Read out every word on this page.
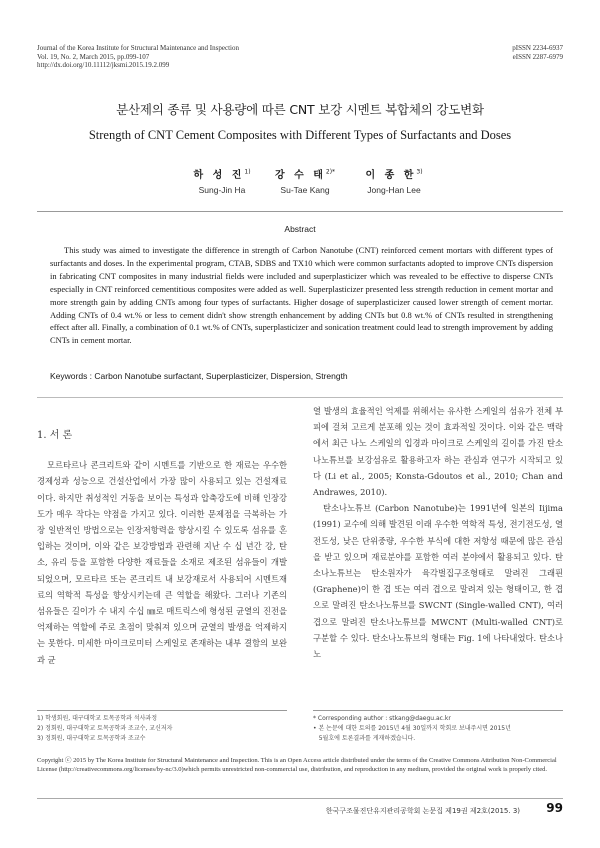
Journal of the Korea Institute for Structural Maintenance and Inspection
Vol. 19, No. 2, March 2015, pp.099-107
http://dx.doi.org/10.11112/jksmi.2015.19.2.099
pISSN 2234-6937
eISSN 2287-6979
분산제의 종류 및 사용량에 따른 CNT 보강 시멘트 복합체의 강도변화
Strength of CNT Cement Composites with Different Types of Surfactants and Doses
하 성 진$^{1)}$
Sung-Jin Ha
강 수 태$^{2)*}$
Su-Tae Kang
이 종 한$^{3)}$
Jong-Han Lee
Abstract

This study was aimed to investigate the difference in strength of Carbon Nanotube (CNT) reinforced cement mortars with different types of surfactants and doses. In the experimental program, CTAB, SDBS and TX10 which were common surfactants adopted to improve CNTs dispersion in fabricating CNT composites in many industrial fields were included and superplasticizer which was revealed to be effective to disperse CNTs especially in CNT reinforced cementitious composites were added as well. Superplasticizer presented less strength reduction in cement mortar and more strength gain by adding CNTs among four types of surfactants. Higher dosage of superplasticizer caused lower strength of cement mortar. Adding CNTs of 0.4 wt.% or less to cement didn't show strength enhancement by adding CNTs but 0.8 wt.% of CNTs resulted in strengthening effect after all. Finally, a combination of 0.1 wt.% of CNTs, superplasticizer and sonication treatment could lead to strength improvement by adding CNTs in cement mortar.

Keywords : Carbon Nanotube surfactant, Superplasticizer, Dispersion, Strength
1. 서 론

모르타르나 콘크리트와 같이 시멘트를 기반으로 한 재료는 우수한 경제성과 성능으로 건설산업에서 가장 많이 사용되고 있는 건설재료이다. 하지만 취성적인 거동을 보이는 특성과 압축강도에 비해 인장강도가 매우 작다는 약점을 가지고 있다. 이러한 문제점을 극복하는 가장 일반적인 방법으로는 인장저항력을 향상시킬 수 있도록 섬유를 혼입하는 것이며, 이와 같은 보강방법과 관련해 지난 수 십 년간 강, 탄소, 유리 등을 포함한 다양한 재료들을 소재로 제조된 섬유들이 개발되었으며, 모르타르 또는 콘크리트 내 보강재로서 사용되어 시멘트재료의 역학적 특성을 향상시키는데 큰 역할을 해왔다. 그러나 기존의 섬유들은 길이가 수 내지 수십 ㎜로 매트릭스에 형성된 균열의 진전을 억제하는 역할에 주로 초점이 맞춰져 있으며 균열의 발생을 억제하지는 못한다. 미세한 마이크로미터 스케일로 존재하는 내부 결함의 보완과 균

열 발생의 효율적인 억제를 위해서는 유사한 스케일의 섬유가 전체 부피에 걸쳐 고르게 분포해 있는 것이 효과적일 것이다. 이와 같은 맥락에서 최근 나노 스케일의 입경과 마이크로 스케일의 길이를 가진 탄소나노튜브를 보강섬유로 활용하고자 하는 관심과 연구가 시작되고 있다 (Li et al., 2005; Konsta-Gdoutos et al., 2010; Chan and Andrawes, 2010).

탄소나노튜브 (Carbon Nanotube)는 1991년에 일본의 Iijima (1991) 교수에 의해 발견된 이래 우수한 역학적 특성, 전기전도성, 열전도성, 낮은 단위중량, 우수한 부식에 대한 저항성 때문에 많은 관심을 받고 있으며 재료분야를 포함한 여러 분야에서 활용되고 있다. 탄소나노튜브는 탄소원자가 육각벌집구조형태로 말려진 그래핀 (Graphene)이 한 겹 또는 여러 겹으로 말려져 있는 형태이고, 한 겹으로 말려진 탄소나노튜브를 SWCNT (Single-walled CNT), 여러 겹으로 말려진 탄소나노튜브를 MWCNT (Multi-walled CNT)로 구분할 수 있다. 탄소나노튜브의 형태는 Fig. 1에 나타내었다. 탄소나노

1) 학생회원, 대구대학교 토목공학과 석사과정
2) 정회원, 대구대학교 토목공학과 조교수, 교신저자
3) 정회원, 대구대학교 토목공학과 조교수
* Corresponding author : stkang@daegu.ac.kr
• 본 논문에 대한 토의를 2015년 4월 30일까지 학회로 보내주시면 2015년
5월호에 토론결과를 게재하겠습니다.

Copyright ⓒ 2015 by The Korea Institute for Structural Maintenance and Inspection. This is an Open Access article distributed under the terms of the Creative Commons Attribution Non-Commercial License (http://creativecommons.org/licenses/by-nc/3.0)which permits unrestricted non-commercial use, distribution, and reproduction in any medium, provided the original work is properly cited.

한국구조물진단유지관리공학회 논문집 제19권 제2호(2015. 3) 99
